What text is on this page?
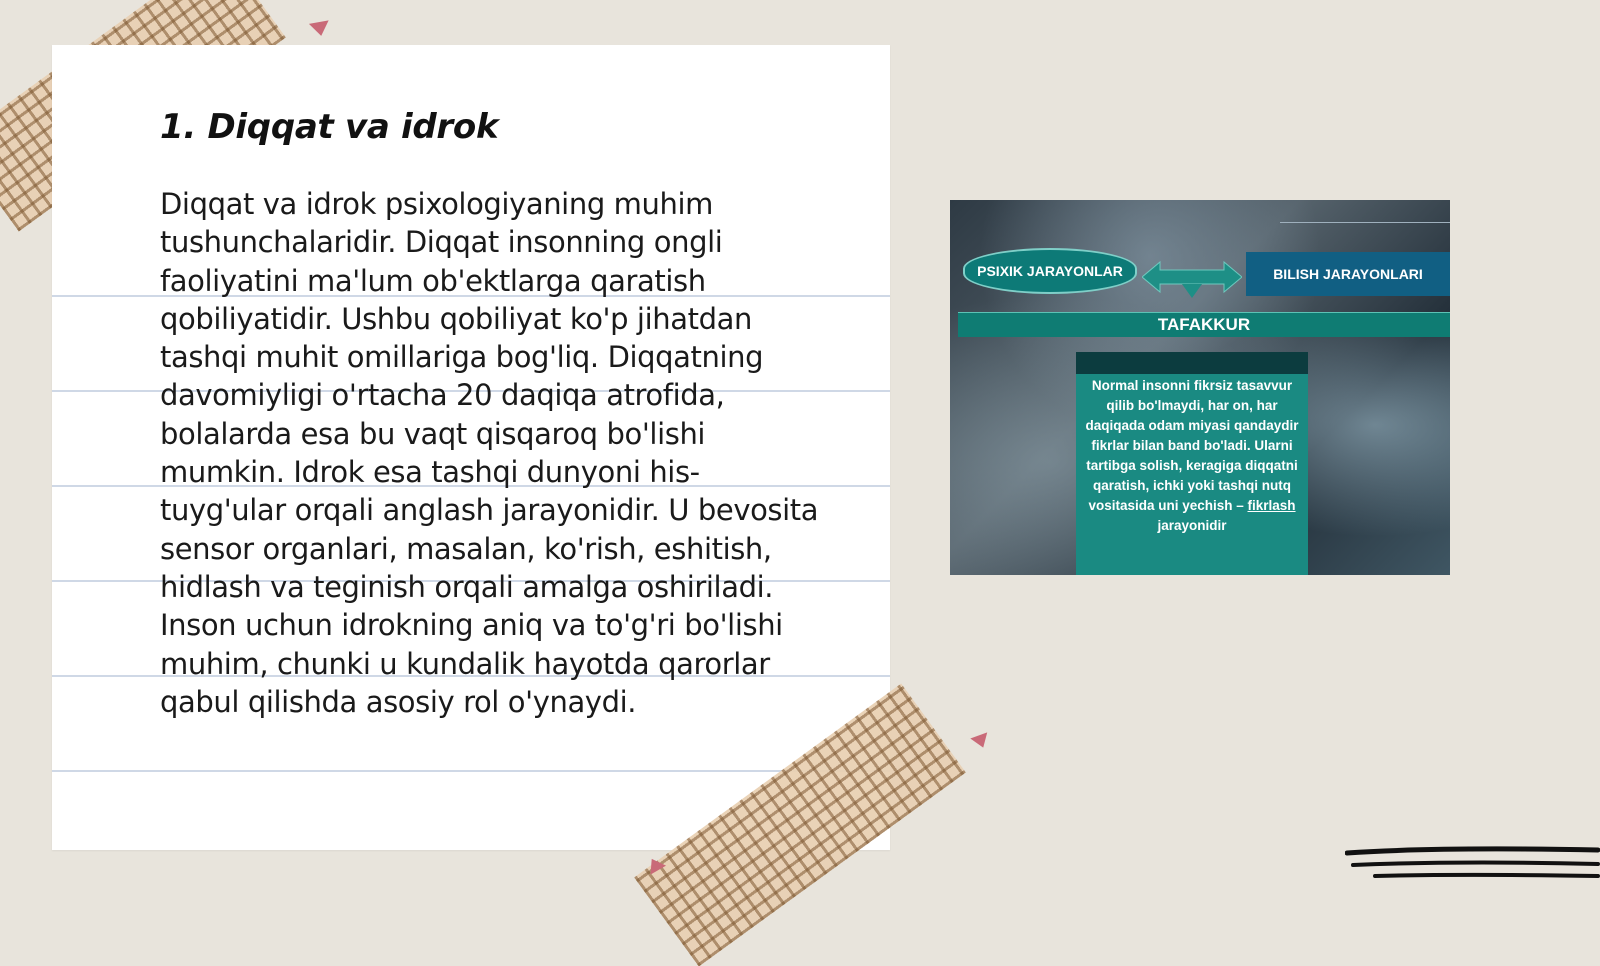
1. Diqqat va idrok
Diqqat va idrok psixologiyaning muhim tushunchalaridir. Diqqat insonning ongli faoliyatini ma'lum ob'ektlarga qaratish qobiliyatidir. Ushbu qobiliyat ko'p jihatdan tashqi muhit omillariga bog'liq. Diqqatning davomiyligi o'rtacha 20 daqiqa atrofida, bolalarda esa bu vaqt qisqaroq bo'lishi mumkin. Idrok esa tashqi dunyoni his-tuyg'ular orqali anglash jarayonidir. U bevosita sensor organlari, masalan, ko'rish, eshitish, hidlash va teginish orqali amalga oshiriladi. Inson uchun idrokning aniq va to'g'ri bo'lishi muhim, chunki u kundalik hayotda qarorlar qabul qilishda asosiy rol o'ynaydi.
PSIXIK JARAYONLAR	BILISH JARAYONLARI
TAFAKKUR
Normal insonni fikrsiz tasavvur qilib bo'lmaydi, har on, har daqiqada odam miyasi qandaydir fikrlar bilan band bo'ladi. Ularni tartibga solish, keragiga diqqatni qaratish, ichki yoki tashqi nutq vositasida uni yechish – fikrlash
jarayonidir
